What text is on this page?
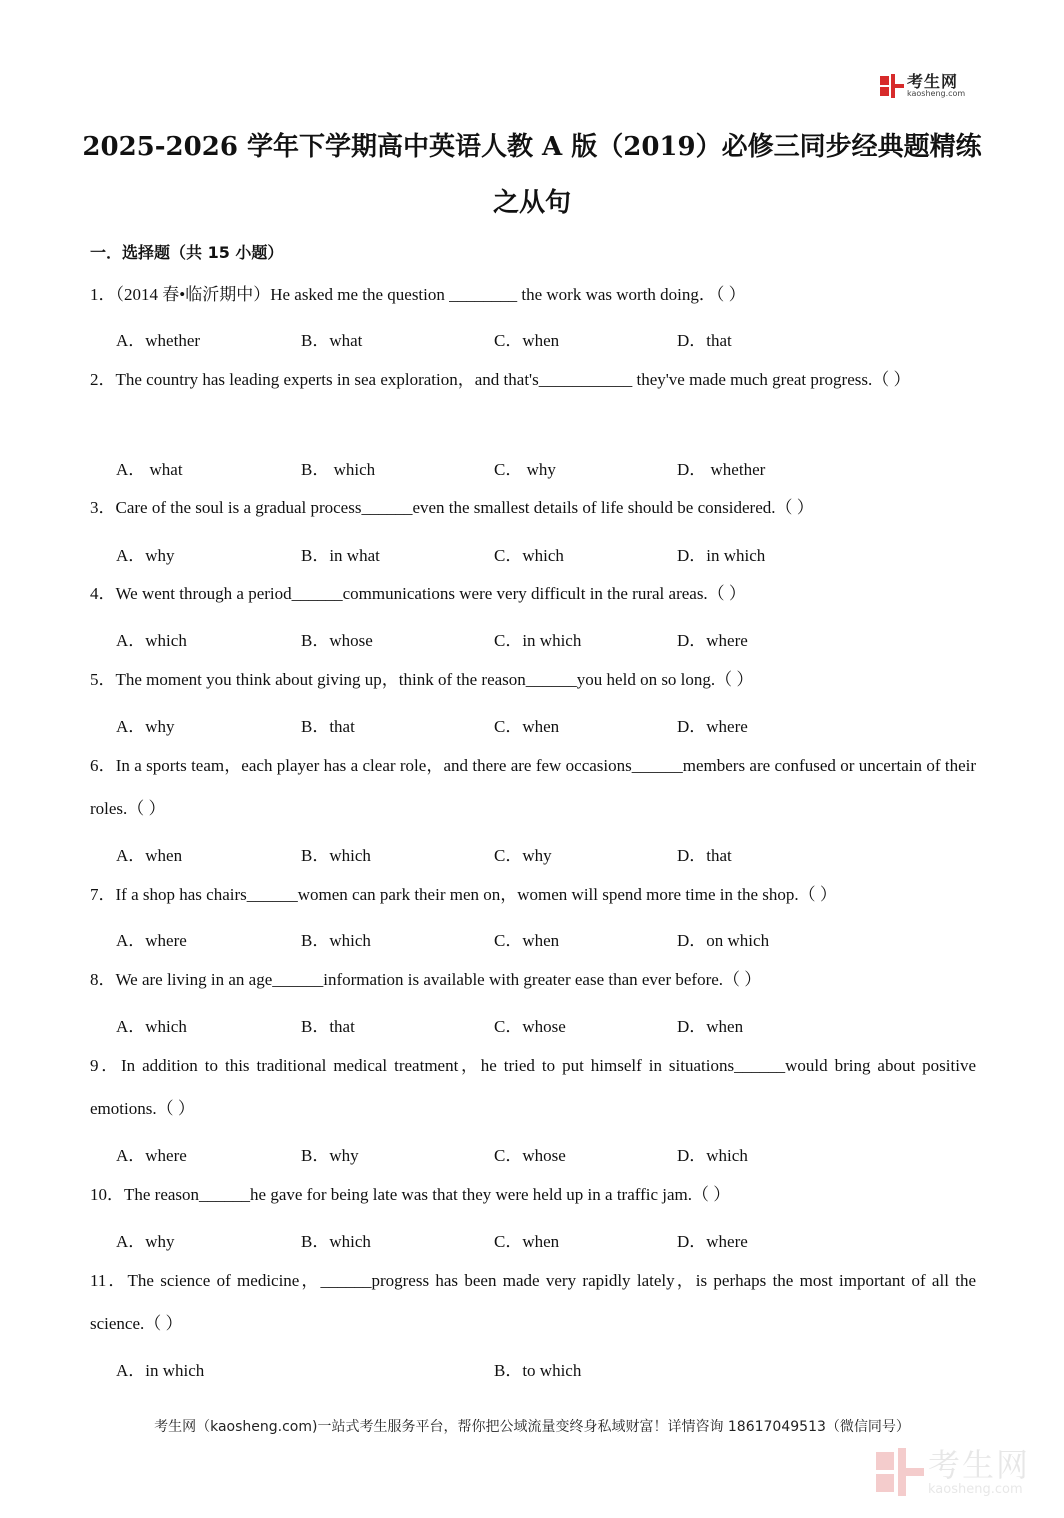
考生网
kaosheng.com
2025-2026 学年下学期高中英语人教 A 版（2019）必修三同步经典题精练
之从句
一．选择题（共 15 小题）
1．（2014 春•临沂期中）He asked me the question ________ the work was worth doing．（ ）
A．whether	B．what	C．when	D．that
2．The country has leading experts in sea exploration，and that's___________ they've made much great progress.（ ）
A． what	B． which	C． why	D． whether
3．Care of the soul is a gradual process______even the smallest details of life should be considered.（ ）
A．why	B．in what	C．which	D．in which
4．We went through a period______communications were very difficult in the rural areas.（ ）
A．which	B．whose	C．in which	D．where
5．The moment you think about giving up，think of the reason______you held on so long.（ ）
A．why	B．that	C．when	D．where
6．In a sports team，each player has a clear role，and there are few occasions______members are confused or uncertain of their roles.（ ）
A．when	B．which	C．why	D．that
7．If a shop has chairs______women can park their men on，women will spend more time in the shop.（ ）
A．where	B．which	C．when	D．on which
8．We are living in an age______information is available with greater ease than ever before.（ ）
A．which	B．that	C．whose	D．when
9．In addition to this traditional medical treatment，he tried to put himself in situations______would bring about positive emotions.（ ）
A．where	B．why	C．whose	D．which
10．The reason______he gave for being late was that they were held up in a traffic jam.（ ）
A．why	B．which	C．when	D．where
11．The science of medicine，______progress has been made very rapidly lately，is perhaps the most important of all the science.（ ）
A．in which	B．to which
考生网（kaosheng.com)一站式考生服务平台，帮你把公域流量变终身私域财富！详情咨询 18617049513（微信同号）
考生网
kaosheng.com
